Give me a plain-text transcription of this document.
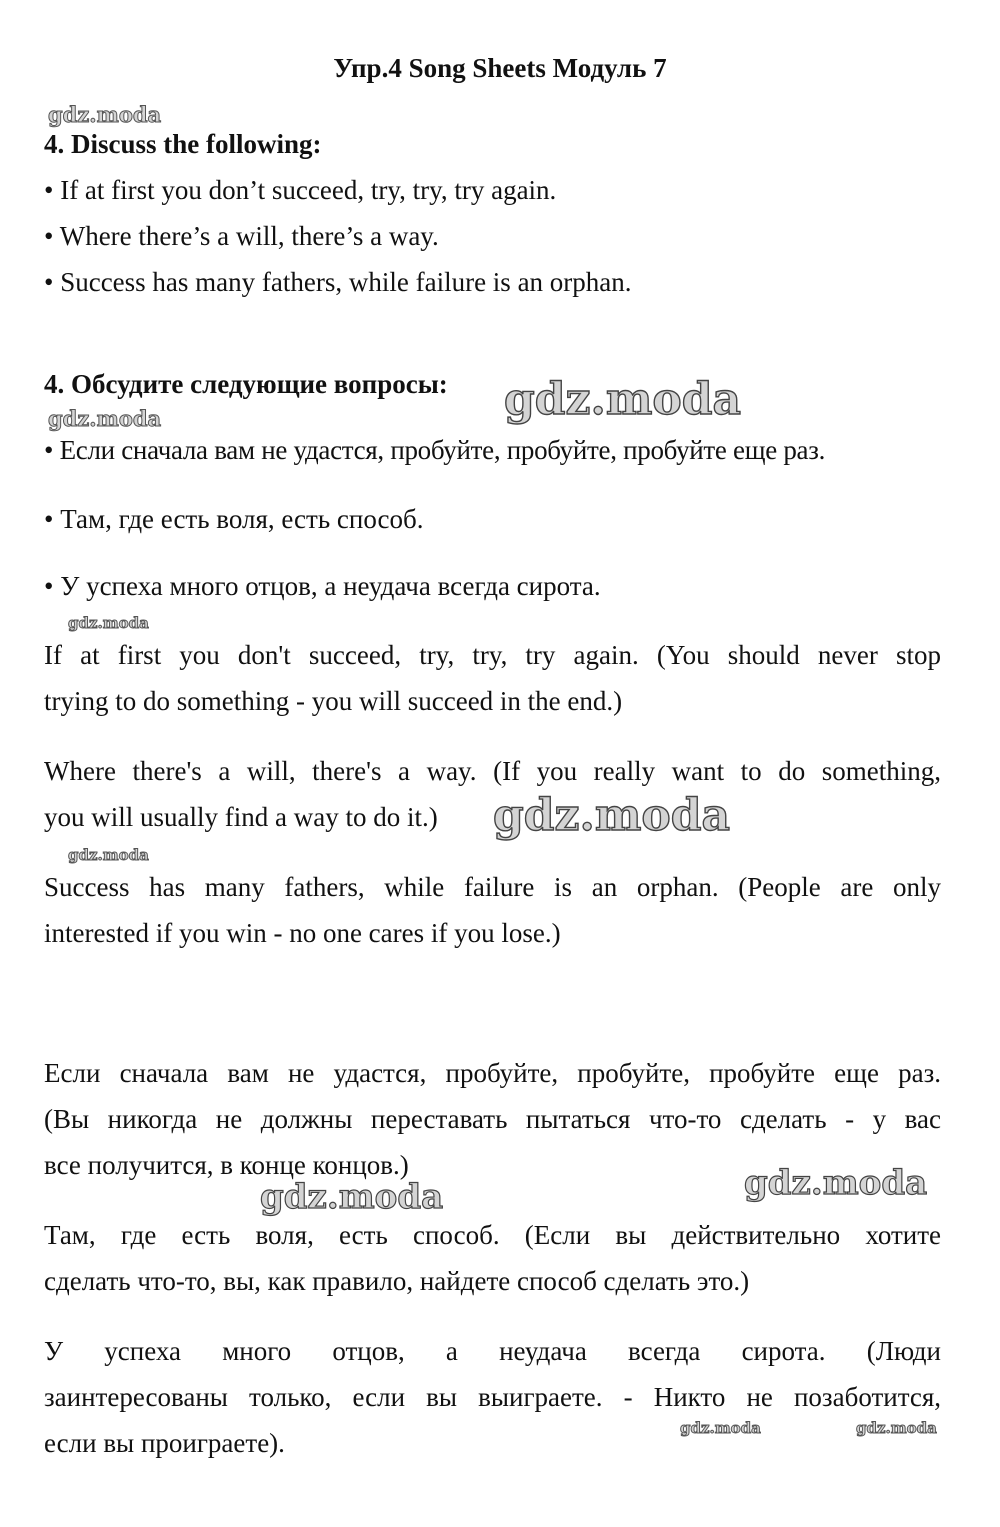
Упр.4 Song Sheets Модуль 7
4. Discuss the following:

• If at first you don’t succeed, try, try, try again.

• Where there’s a will, there’s a way.

• Success has many fathers, while failure is an orphan.

4. Обсудите следующие вопросы:

• Если сначала вам не удастся, пробуйте, пробуйте, пробуйте еще раз.

• Там, где есть воля, есть способ.

• У успеха много отцов, а неудача всегда сирота.

If at first you don't succeed, try, try, try again. (You should never stop
trying to do something - you will succeed in the end.)
Where there's a will, there's a way. (If you really want to do something,
you will usually find a way to do it.)
Success has many fathers, while failure is an orphan. (People are only
interested if you win - no one cares if you lose.)
Если сначала вам не удастся, пробуйте, пробуйте, пробуйте еще раз.
(Вы никогда не должны переставать пытаться что-то сделать - у вас
все получится, в конце концов.)
Там, где есть воля, есть способ. (Если вы действительно хотите
сделать что-то, вы, как правило, найдете способ сделать это.)
У успеха много отцов, а неудача всегда сирота. (Люди
заинтересованы только, если вы выиграете. - Никто не позаботится,
если вы проиграете).
gdz.moda
gdz.moda
gdz.moda
gdz.moda
gdz.moda
gdz.moda
gdz.moda
gdz.moda
gdz.moda	gdz.moda
